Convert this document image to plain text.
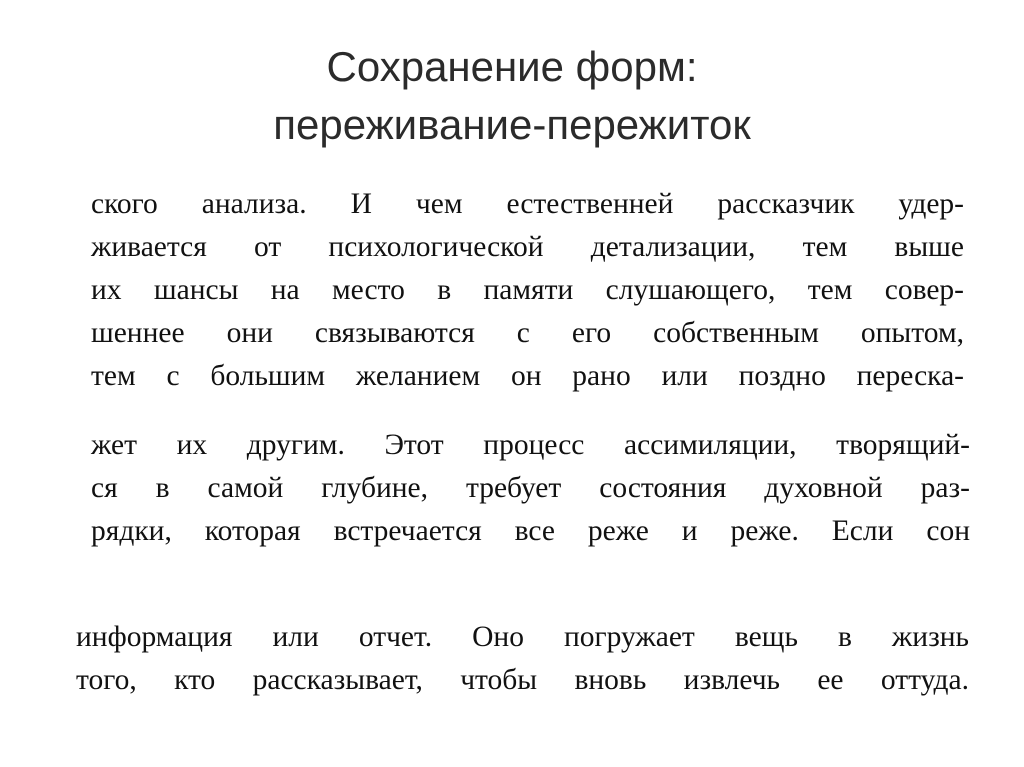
Сохранение форм:
переживание-пережиток
ского анализа. И чем естественней рассказчик удер-
живается от психологической детализации, тем выше
их шансы на место в памяти слушающего, тем совер-
шеннее они связываются с его собственным опытом,
тем с большим желанием он рано или поздно переска-
жет их другим. Этот процесс ассимиляции, творящий-
ся в самой глубине, требует состояния духовной раз-
рядки, которая встречается все реже и реже. Если сон
информация или отчет. Оно погружает вещь в жизнь
того, кто рассказывает, чтобы вновь извлечь ее оттуда.
